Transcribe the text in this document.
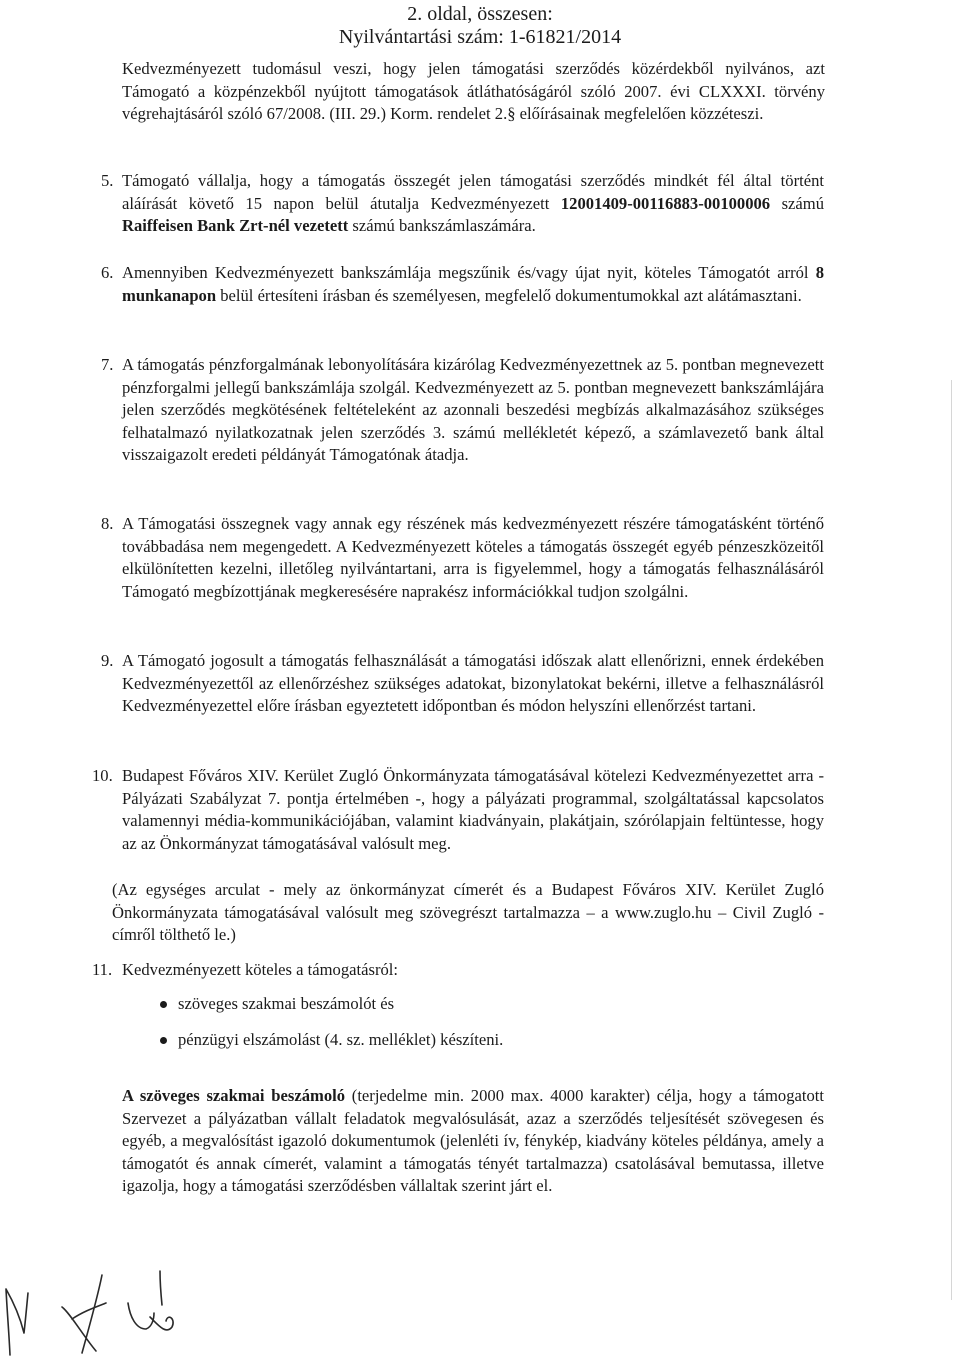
2. oldal, összesen:
Nyilvántartási szám: 1-61821/2014

Kedvezményezett tudomásul veszi, hogy jelen támogatási szerződés közérdekből nyilvános, azt Támogató a közpénzekből nyújtott támogatások átláthatóságáról szóló 2007. évi CLXXXI. törvény végrehajtásáról szóló 67/2008. (III. 29.) Korm. rendelet 2.§ előírásainak megfelelően közzéteszi.

5. Támogató vállalja, hogy a támogatás összegét jelen támogatási szerződés mindkét fél által történt aláírását követő 15 napon belül átutalja Kedvezményezett 12001409-00116883-00100006 számú Raiffeisen Bank Zrt-nél vezetett számú bankszámlaszámára.

6. Amennyiben Kedvezményezett bankszámlája megszűnik és/vagy újat nyit, köteles Támogatót arról 8 munkanapon belül értesíteni írásban és személyesen, megfelelő dokumentumokkal azt alátámasztani.

7. A támogatás pénzforgalmának lebonyolítására kizárólag Kedvezményezettnek az 5. pontban megnevezett pénzforgalmi jellegű bankszámlája szolgál. Kedvezményezett az 5. pontban megnevezett bankszámlájára jelen szerződés megkötésének feltételeként az azonnali beszedési megbízás alkalmazásához szükséges felhatalmazó nyilatkozatnak jelen szerződés 3. számú mellékletét képező, a számlavezető bank által visszaigazolt eredeti példányát Támogatónak átadja.

8. A Támogatási összegnek vagy annak egy részének más kedvezményezett részére támogatásként történő továbbadása nem megengedett. A Kedvezményezett köteles a támogatás összegét egyéb pénzeszközeitől elkülönítetten kezelni, illetőleg nyilvántartani, arra is figyelemmel, hogy a támogatás felhasználásáról Támogató megbízottjának megkeresésére naprakész információkkal tudjon szolgálni.

9. A Támogató jogosult a támogatás felhasználását a támogatási időszak alatt ellenőrizni, ennek érdekében Kedvezményezettől az ellenőrzéshez szükséges adatokat, bizonylatokat bekérni, illetve a felhasználásról Kedvezményezettel előre írásban egyeztetett időpontban és módon helyszíni ellenőrzést tartani.

10. Budapest Főváros XIV. Kerület Zugló Önkormányzata támogatásával kötelezi Kedvezményezettet arra - Pályázati Szabályzat 7. pontja értelmében -, hogy a pályázati programmal, szolgáltatással kapcsolatos valamennyi média-kommunikációjában, valamint kiadványain, plakátjain, szórólapjain feltüntesse, hogy az az Önkormányzat támogatásával valósult meg.

(Az egységes arculat - mely az önkormányzat címerét és a Budapest Főváros XIV. Kerület Zugló Önkormányzata támogatásával valósult meg szövegrészt tartalmazza – a www.zuglo.hu – Civil Zugló - címről tölthető le.)

11. Kedvezményezett köteles a támogatásról:

szöveges szakmai beszámolót és
pénzügyi elszámolást (4. sz. melléklet) készíteni.

A szöveges szakmai beszámoló (terjedelme min. 2000 max. 4000 karakter) célja, hogy a támogatott Szervezet a pályázatban vállalt feladatok megvalósulását, azaz a szerződés teljesítését szövegesen és egyéb, a megvalósítást igazoló dokumentumok (jelenléti ív, fénykép, kiadvány köteles példánya, amely a támogatót és annak címerét, valamint a támogatás tényét tartalmazza) csatolásával bemutassa, illetve igazolja, hogy a támogatási szerződésben vállaltak szerint járt el.
